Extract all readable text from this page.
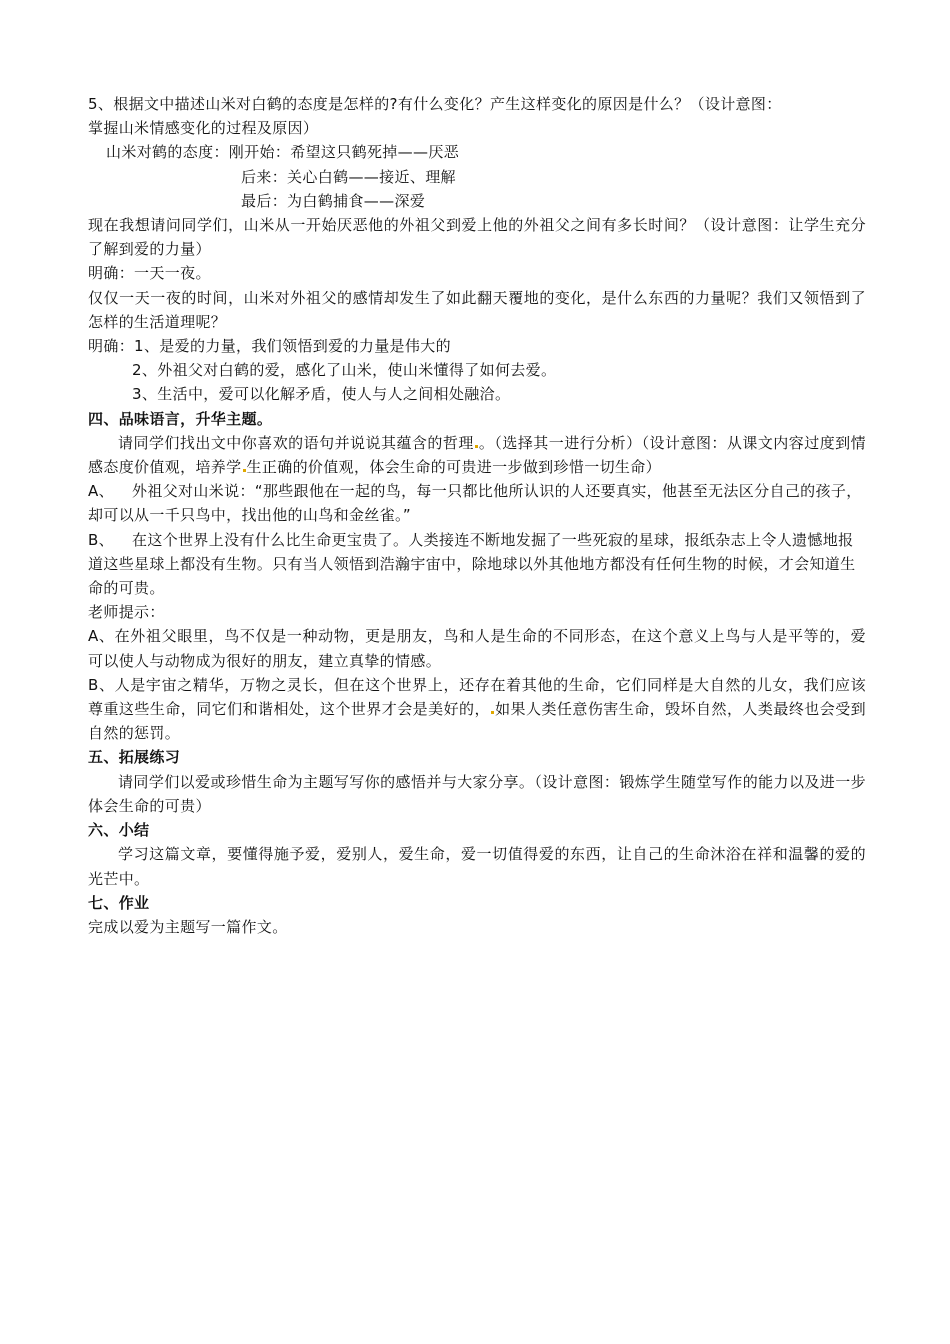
5、根据文中描述山米对白鹤的态度是怎样的?有什么变化？产生这样变化的原因是什么？（设计意图：
掌握山米情感变化的过程及原因）
山米对鹤的态度：刚开始：希望这只鹤死掉——厌恶
后来：关心白鹤——接近、理解
最后：为白鹤捕食——深爱
现在我想请问同学们，山米从一开始厌恶他的外祖父到爱上他的外祖父之间有多长时间？（设计意图：让学生充分了解到爱的力量）
明确：一天一夜。
仅仅一天一夜的时间，山米对外祖父的感情却发生了如此翻天覆地的变化，是什么东西的力量呢？我们又领悟到了怎样的生活道理呢？
明确：1、是爱的力量，我们领悟到爱的力量是伟大的
2、外祖父对白鹤的爱，感化了山米，使山米懂得了如何去爱。
3、生活中，爱可以化解矛盾，使人与人之间相处融洽。
四、品味语言，升华主题。
请同学们找出文中你喜欢的语句并说说其蕴含的哲理 。（选择其一进行分析）（设计意图：从课文内容过度到情感态度价值观，培养学 生正确的价值观，体会生命的可贵进一步做到珍惜一切生命）
A、 外祖父对山米说：“那些跟他在一起的鸟，每一只都比他所认识的人还要真实，他甚至无法区分自己的孩子，却可以从一千只鸟中，找出他的山鸟和金丝雀。”
B、 在这个世界上没有什么比生命更宝贵了。人类接连不断地发掘了一些死寂的星球，报纸杂志上令人遗憾地报道这些星球上都没有生物。只有当人领悟到浩瀚宇宙中，除地球以外其他地方都没有任何生物的时候，才会知道生命的可贵。
老师提示：
A、在外祖父眼里，鸟不仅是一种动物，更是朋友，鸟和人是生命的不同形态，在这个意义上鸟与人是平等的，爱可以使人与动物成为很好的朋友，建立真挚的情感。
B、人是宇宙之精华，万物之灵长，但在这个世界上，还存在着其他的生命，它们同样是大自然的儿女，我们应该尊重这些生命，同它们和谐相处，这个世界才会是美好的， 如果人类任意伤害生命，毁坏自然，人类最终也会受到自然的惩罚。
五、拓展练习
请同学们以爱或珍惜生命为主题写写你的感悟并与大家分享。（设计意图：锻炼学生随堂写作的能力以及进一步体会生命的可贵）
六、小结
学习这篇文章，要懂得施予爱，爱别人，爱生命，爱一切值得爱的东西，让自己的生命沐浴在祥和温馨的爱的光芒中。
七、作业
完成以爱为主题写一篇作文。
